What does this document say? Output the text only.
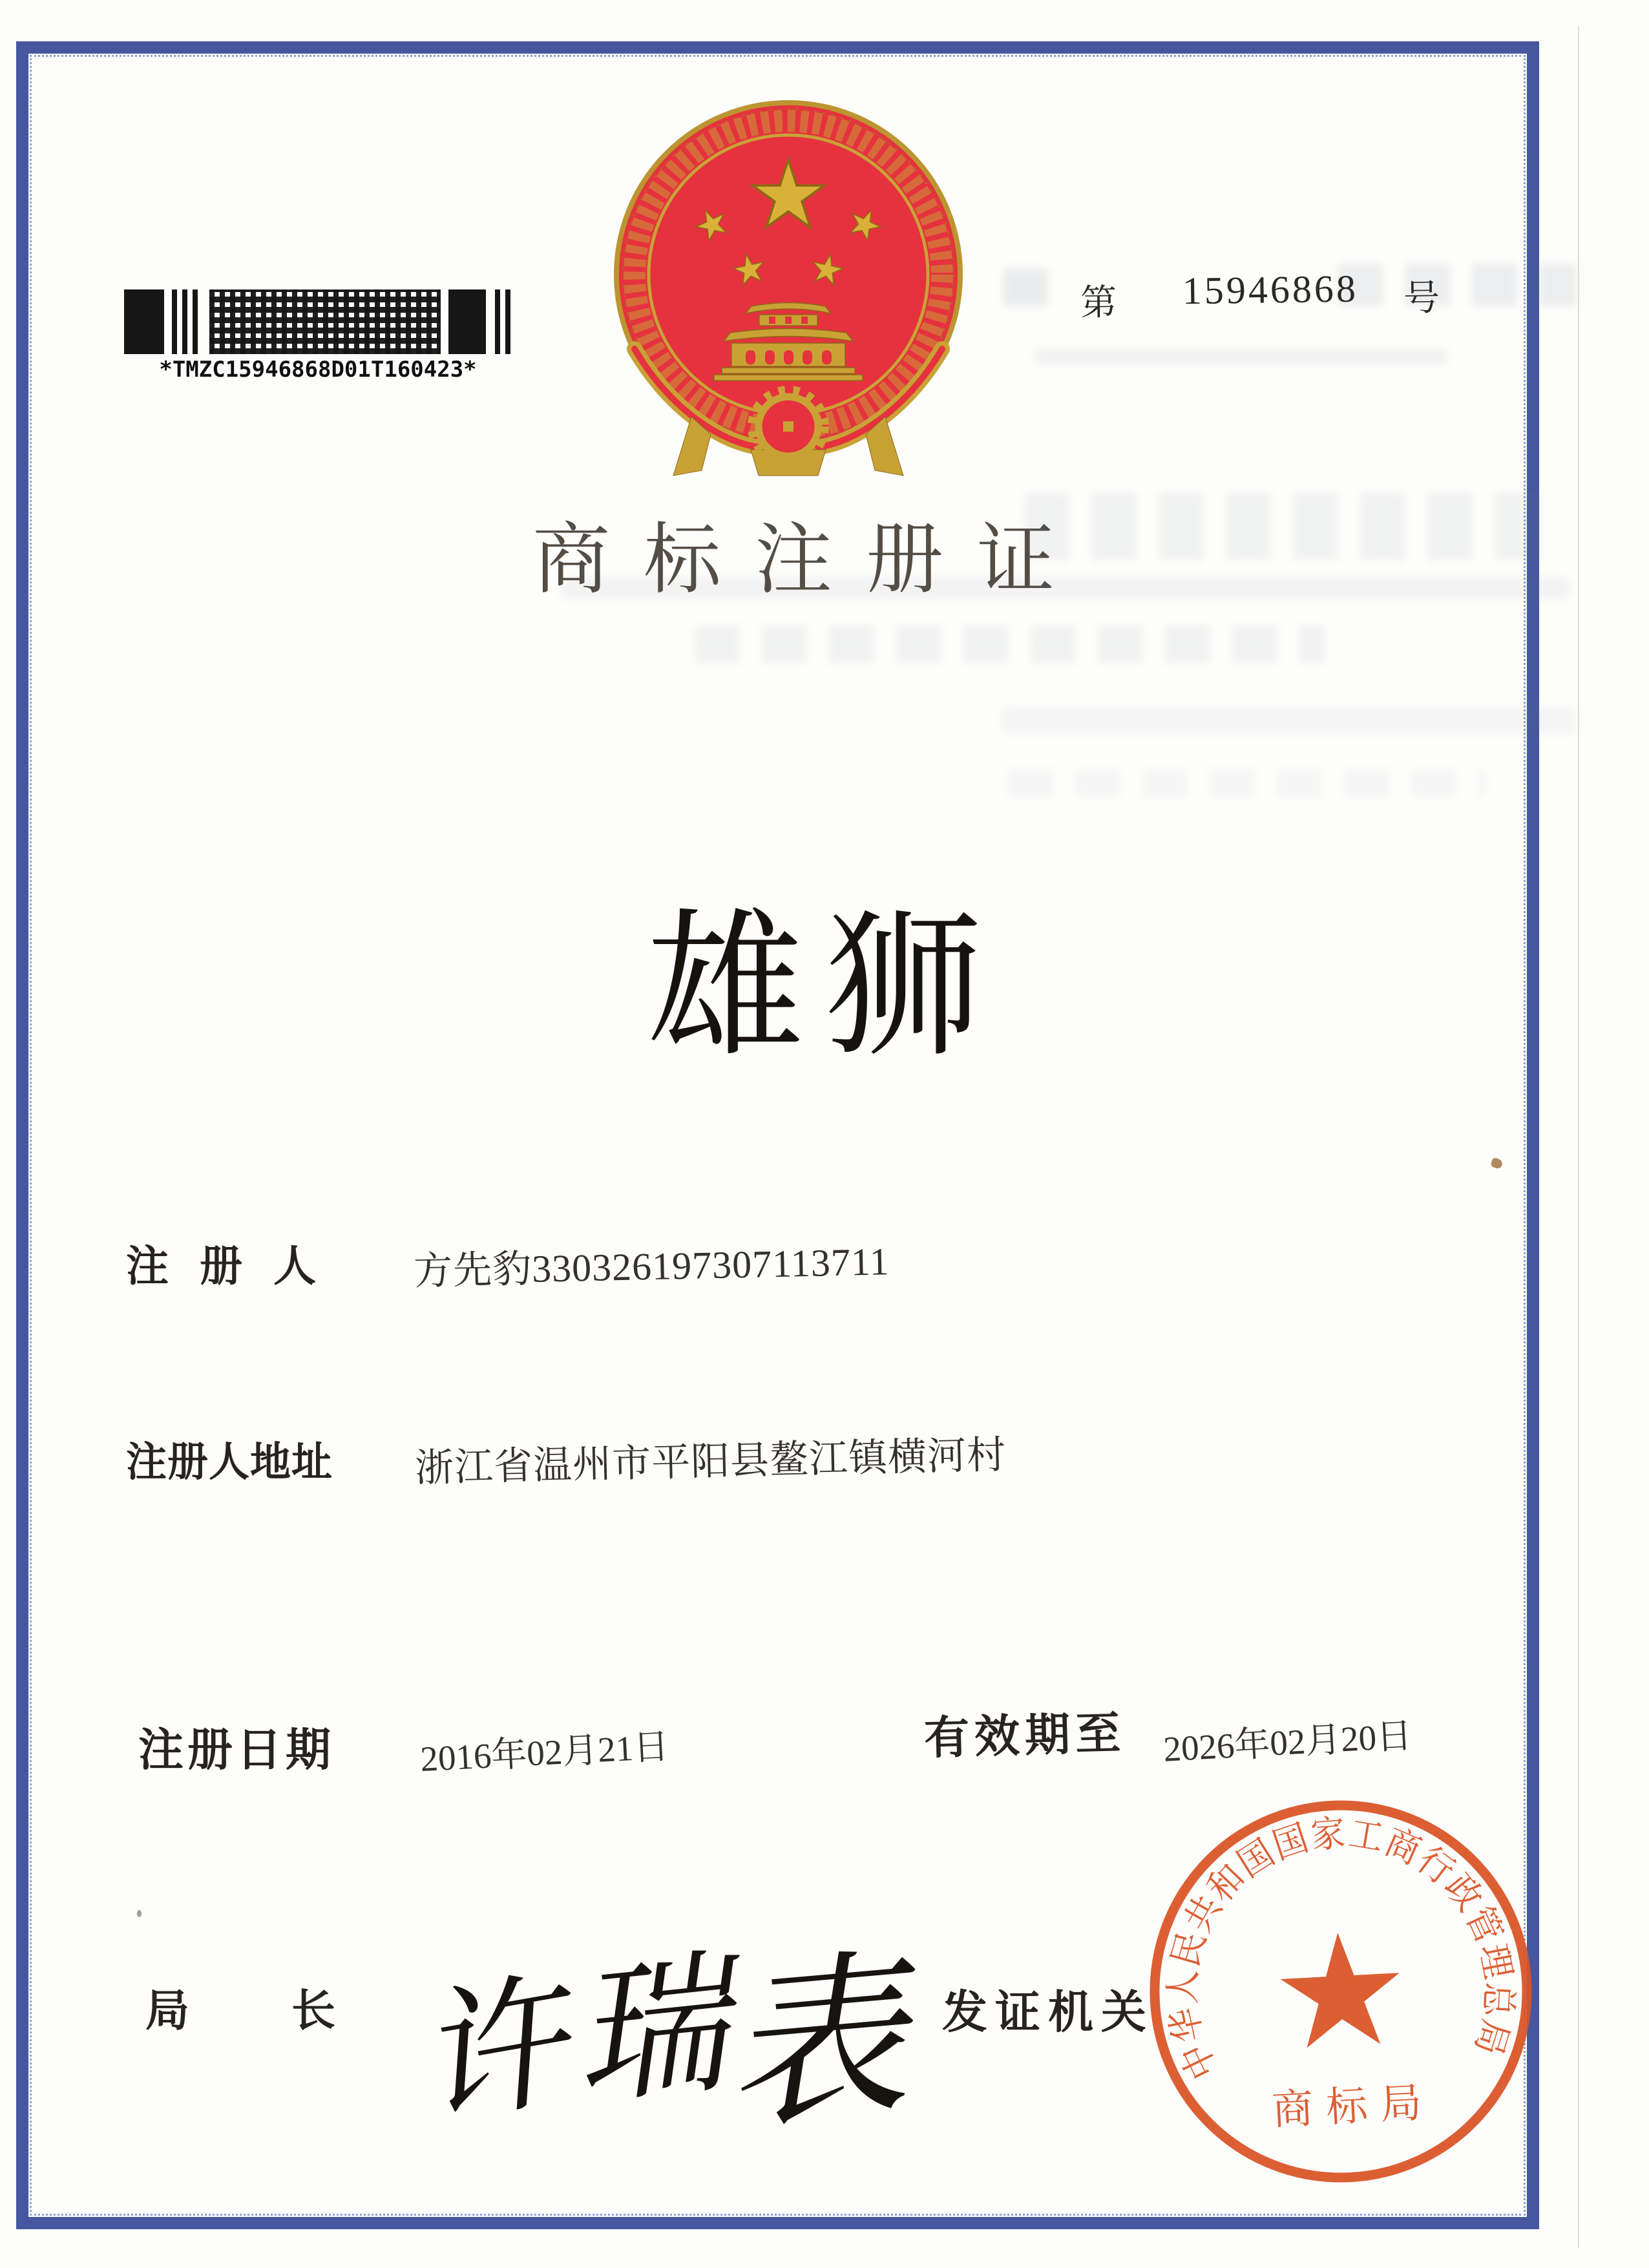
*TMZC15946868D01T160423*
第 15946868 号
商标注册证
雄狮
注册人 方先豹330326197307113711
注册人地址 浙江省温州市平阳县鳌江镇横河村
注册日期 2016年02月21日	有效期至 2026年02月20日
局长
许
瑞
表 发证机关
中华人民共和国国家工商行政管理总局
商标局
